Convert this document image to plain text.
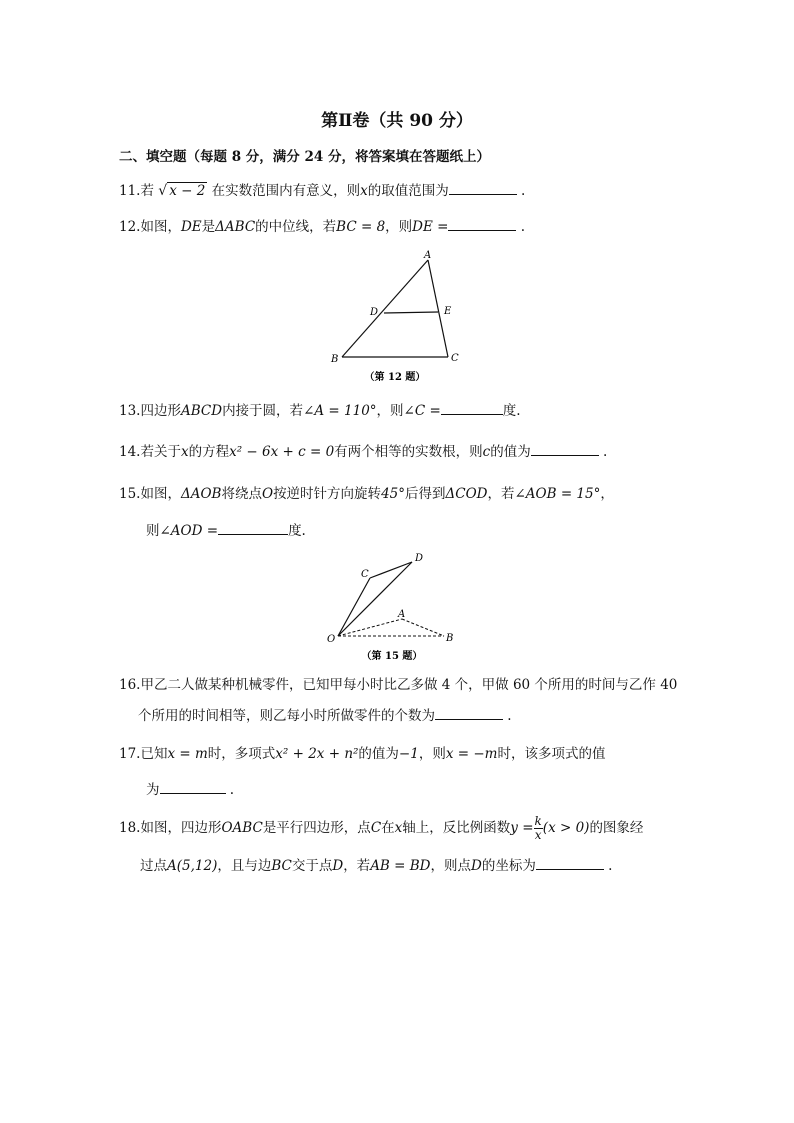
第Ⅱ卷（共 90 分）
二、填空题（每题 8 分，满分 24 分，将答案填在答题纸上）
11.若 √ x − 2 在实数范围内有意义，则x的取值范围为	.
12.如图，DE是ΔABC的中位线，若BC = 8，则DE =	.
A
B	C
D	E
（第 12 题）
13.四边形ABCD内接于圆，若∠A = 110°，则∠C =	度.
14.若关于x的方程x² − 6x + c = 0有两个相等的实数根，则c的值为	.
15.如图，ΔAOB将绕点O按逆时针方向旋转45°后得到ΔCOD，若∠AOB = 15°，
则∠AOD =	度.
O
A
B
C
D
（第 15 题）
16.甲乙二人做某种机械零件，已知甲每小时比乙多做 4 个，甲做 60 个所用的时间与乙作 40
个所用的时间相等，则乙每小时所做零件的个数为	.
17.已知x = m时，多项式x² + 2x + n²的值为−1，则x = −m时，该多项式的值
为	.
18.如图，四边形OABC是平行四边形，点C在x轴上，反比例函数$y = \frac{k}{x} (x > 0)$的图象经
过点A(5,12)，且与边BC交于点D，若AB = BD，则点D的坐标为	.
